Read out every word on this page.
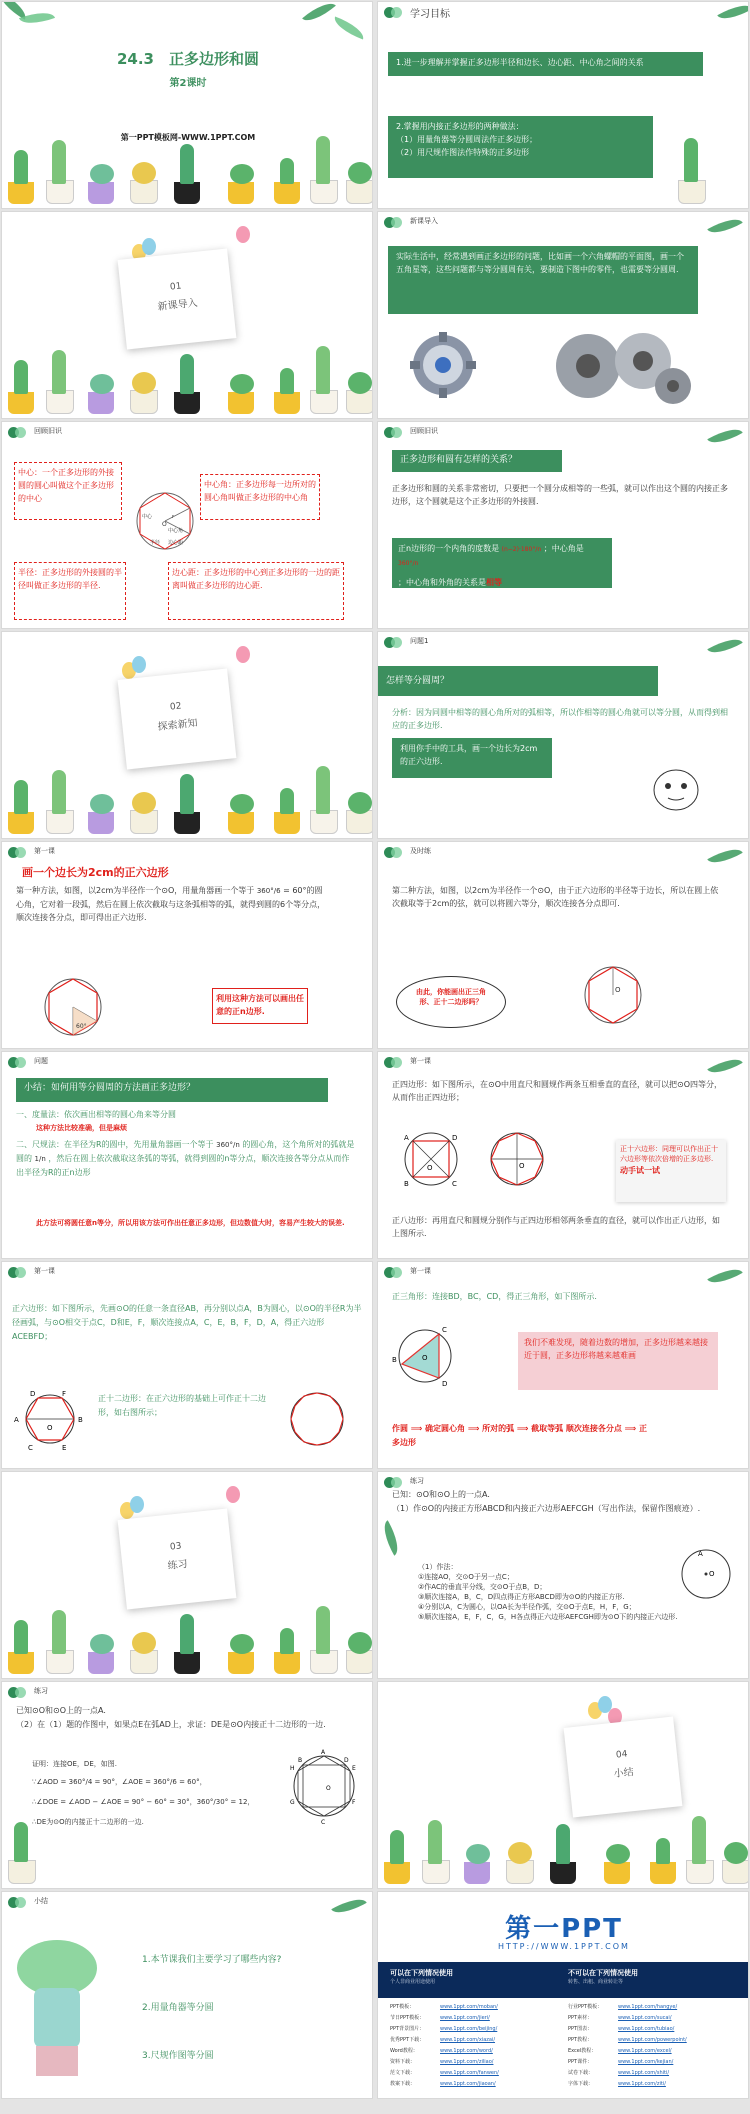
24.3　正多边形和圆
第2课时
第一PPT模板网-WWW.1PPT.COM
学习目标
1.进一步理解并掌握正多边形半径和边长、边心距、中心角之间的关系
2.掌握用内接正多边形的两种做法：
（1）用量角器等分圆周法作正多边形；
（2）用尺规作图法作特殊的正多边形
01
新课导入
新课导入
实际生活中，经常遇到画正多边形的问题，比如画一个六角螺帽的平面图，画一个五角星等，这些问题都与等分圆周有关，要制造下图中的零件，也需要等分圆周.
回顾旧识
中心：一个正多边形的外接圆的圆心叫做这个正多边形的中心
中心角：正多边形每一边所对的圆心角叫做正多边形的中心角
半径：正多边形的外接圆的半径叫做正多边形的半径.
边心距：正多边形的中心到正多边形的一边的距离叫做正多边形的边心距.
O
r
中心
中心角
半径 边心距
回顾旧识
正多边形和圆有怎样的关系？
正多边形和圆的关系非常密切，只要把一个圆分成相等的一些弧，就可以作出这个圆的内接正多边形，这个圆就是这个正多边形的外接圆.
正n边形的一个内角的度数是 (n−2)·180°/n ；中心角是 360°/n
；中心角和外角的关系是相等
02
探索新知
问题1
怎样等分圆周？
分析：因为同圆中相等的圆心角所对的弧相等，所以作相等的圆心角就可以等分圆，从而得到相应的正多边形.
利用你手中的工具，画一个边长为2cm的正六边形.
第一课
画一个边长为2cm的正六边形
第一种方法，如图，以2cm为半径作一个⊙O，用量角器画一个等于 360°/6 = 60°的圆心角，它对着一段弧，然后在圆上依次截取与这条弧相等的弧，就得到圆的6个等分点，顺次连接各分点，即可得出正六边形.
60°
利用这种方法可以画出任意的正n边形.
及时练
第二种方法，如图，以2cm为半径作一个⊙O，由于正六边形的半径等于边长，所以在圆上依次截取等于2cm的弦，就可以将圆六等分，顺次连接各分点即可.
由此，你能画出正三角形、正十二边形吗？
O
问题
小结：如何用等分圆周的方法画正多边形？
一、度量法：依次画出相等的圆心角来等分圆
这种方法比较准确，但是麻烦
二、尺规法：在半径为R的圆中，先用量角器画一个等于 360°/n 的圆心角，这个角所对的弧就是圆的 1/n ，然后在圆上依次截取这条弧的等弧，就得到圆的n等分点，顺次连接各等分点从而作出半径为R的正n边形
此方法可将圆任意n等分，所以用该方法可作出任意正多边形，但边数值大时，容易产生较大的误差.
第一课
正四边形：如下图所示，在⊙O中用直尺和圆规作两条互相垂直的直径，就可以把⊙O四等分，从而作出正四边形；
A
B	C
D
O	O
正十六边形：同理可以作出正十六边形等依次倍增的正多边形.
动手试一试
正八边形：再用直尺和圆规分别作与正四边形相邻两条垂直的直径，就可以作出正八边形，如上图所示.
第一课
正六边形：如下图所示，先画⊙O的任意一条直径AB，再分别以点A，B为圆心，以⊙O的半径R为半径画弧，与⊙O相交于点C，D和E，F，顺次连接点A，C，E，B，F，D，A，得正六边形ACEBFD；
A	B
C
D
E
F
O
正十二边形：在正六边形的基础上可作正十二边形，如右图所示；
第一课
正三角形：连接BD，BC，CD，得正三角形，如下图所示.
B
C
D
O
我们不难发现，随着边数的增加，正多边形越来越接近于圆，正多边形将越来越难画
作圆 ⟹ 确定圆心角 ⟹ 所对的弧 ⟹ 截取等弧 顺次连接各分点 ⟹ 正多边形
03
练习
练习
已知：⊙O和⊙O上的一点A.
（1）作⊙O的内接正方形ABCD和内接正六边形AEFCGH（写出作法，保留作图痕迹）.
O
A
（1）作法：
①连接AO，交⊙O于另一点C；
②作AC的垂直平分线，交⊙O于点B，D；
③顺次连接A，B，C，D四点得正方形ABCD即为⊙O的内接正方形.
④分别以A，C为圆心，以OA长为半径作弧，交⊙O于点E，H，F，G；
⑤顺次连接A，E，F，C，G，H各点得正六边形AEFCGH即为⊙O下的内接正六边形.
练习
已知⊙O和⊙O上的一点A.
（2）在（1）题的作图中，如果点E在弧AD上，求证：DE是⊙O内接正十二边形的一边.
证明：连接OE，DE，如图.
∵∠AOD = 360°/4 = 90°，∠AOE = 360°/6 = 60°，
∴∠DOE = ∠AOD − ∠AOE = 90° − 60° = 30°，360°/30° = 12，
∴DE为⊙O的内接正十二边形的一边.
A
E
F
C
G
H
D
B
O
04
小结
小结
1.本节课我们主要学习了哪些内容?
2.用量角器等分圆
3.尺规作图等分圆
第一PPT
HTTP://WWW.1PPT.COM
可以在下列情况使用
个人非商业用途使用
不可以在下列情况使用
转售、出租、商业转让等
PPT模板：	www.1ppt.com/moban/
节日PPT模板：	www.1ppt.com/jieri/
PPT背景图片：	www.1ppt.com/beijing/
优秀PPT下载：	www.1ppt.com/xiazai/
Word教程：	www.1ppt.com/word/
资料下载：	www.1ppt.com/ziliao/
范文下载：	www.1ppt.com/fanwen/
教案下载：	www.1ppt.com/jiaoan/
行业PPT模板：	www.1ppt.com/hangye/
PPT素材：	www.1ppt.com/sucai/
PPT图表：	www.1ppt.com/tubiao/
PPT教程：	www.1ppt.com/powerpoint/
Excel教程：	www.1ppt.com/excel/
PPT课件：	www.1ppt.com/kejian/
试卷下载：	www.1ppt.com/shiti/
字体下载：	www.1ppt.com/ziti/
